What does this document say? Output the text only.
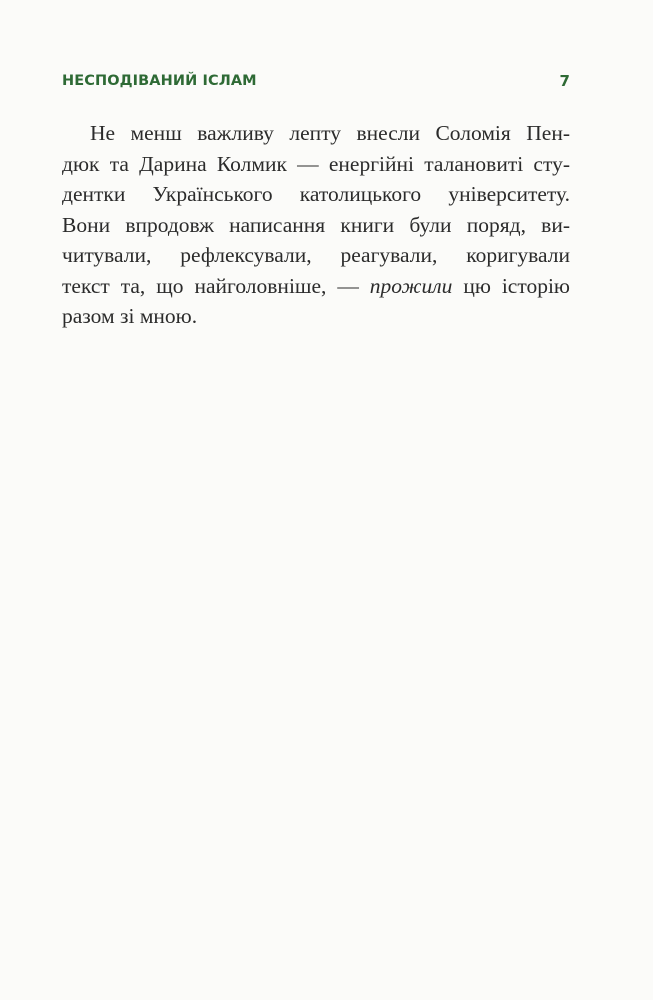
НЕСПОДІВАНИЙ ІСЛАМ	7
Не менш важливу лепту внесли Соломія Пен-
дюк та Дарина Колмик — енергійні талановиті сту-
дентки Українського католицького університету.
Вони впродовж написання книги були поряд, ви-
читували, рефлексували, реагували, коригували
текст та, що найголовніше, — прожили цю історію
разом зі мною.
